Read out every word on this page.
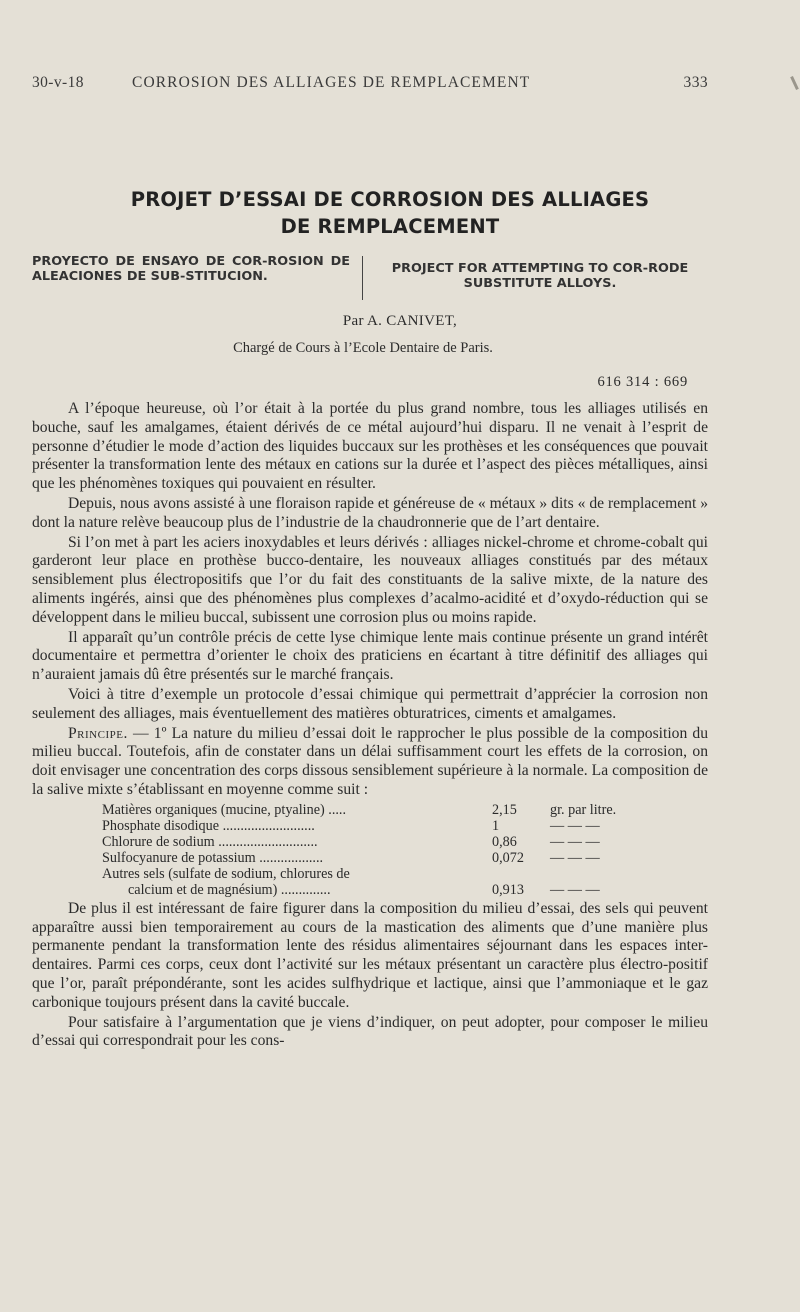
30-v-18	CORROSION DES ALLIAGES DE REMPLACEMENT	333
PROJET D’ESSAI DE CORROSION DES ALLIAGES
DE REMPLACEMENT
PROYECTO DE ENSAYO DE COR-ROSION DE ALEACIONES DE SUB-STITUCION.
PROJECT FOR ATTEMPTING TO COR-RODE SUBSTITUTE ALLOYS.
Par A. CANIVET,
Chargé de Cours à l’Ecole Dentaire de Paris.
616 314 : 669

A l’époque heureuse, où l’or était à la portée du plus grand nombre, tous les alliages utilisés en bouche, sauf les amalgames, étaient dérivés de ce métal aujourd’hui disparu. Il ne venait à l’esprit de personne d’étudier le mode d’action des liquides buccaux sur les prothèses et les conséquences que pouvait présenter la transformation lente des métaux en cations sur la durée et l’aspect des pièces métalliques, ainsi que les phénomènes toxiques qui pouvaient en résulter.

Depuis, nous avons assisté à une floraison rapide et généreuse de « métaux » dits « de remplacement » dont la nature relève beaucoup plus de l’industrie de la chaudronnerie que de l’art dentaire.

Si l’on met à part les aciers inoxydables et leurs dérivés : alliages nickel-chrome et chrome-cobalt qui garderont leur place en prothèse bucco-dentaire, les nouveaux alliages constitués par des métaux sensiblement plus électropositifs que l’or du fait des constituants de la salive mixte, de la nature des aliments ingérés, ainsi que des phénomènes plus complexes d’acalmo-acidité et d’oxydo-réduction qui se développent dans le milieu buccal, subissent une corrosion plus ou moins rapide.

Il apparaît qu’un contrôle précis de cette lyse chimique lente mais continue présente un grand intérêt documentaire et permettra d’orienter le choix des praticiens en écartant à titre définitif des alliages qui n’auraient jamais dû être présentés sur le marché français.

Voici à titre d’exemple un protocole d’essai chimique qui permettrait d’apprécier la corrosion non seulement des alliages, mais éventuellement des matières obturatrices, ciments et amalgames.

Principe. — 1º La nature du milieu d’essai doit le rapprocher le plus possible de la composition du milieu buccal. Toutefois, afin de constater dans un délai suffisamment court les effets de la corrosion, on doit envisager une concentration des corps dissous sensiblement supérieure à la normale. La composition de la salive mixte s’établissant en moyenne comme suit :

Matières organiques (mucine, ptyaline) .....	2,15	gr. par litre.
Phosphate disodique ..........................	1	— — —
Chlorure de sodium ............................	0,86	— — —
Sulfocyanure de potassium ..................	0,072	— — —

Autres sels (sulfate de sodium, chlorures de
calcium et de magnésium) ..............	0,913	— — —

De plus il est intéressant de faire figurer dans la composition du milieu d’essai, des sels qui peuvent apparaître aussi bien temporairement au cours de la mastication des aliments que d’une manière plus permanente pendant la transformation lente des résidus alimentaires séjournant dans les espaces inter-dentaires. Parmi ces corps, ceux dont l’activité sur les métaux présentant un caractère plus électro-positif que l’or, paraît prépondérante, sont les acides sulfhydrique et lactique, ainsi que l’ammoniaque et le gaz carbonique toujours présent dans la cavité buccale.

Pour satisfaire à l’argumentation que je viens d’indiquer, on peut adopter, pour composer le milieu d’essai qui correspondrait pour les cons-
